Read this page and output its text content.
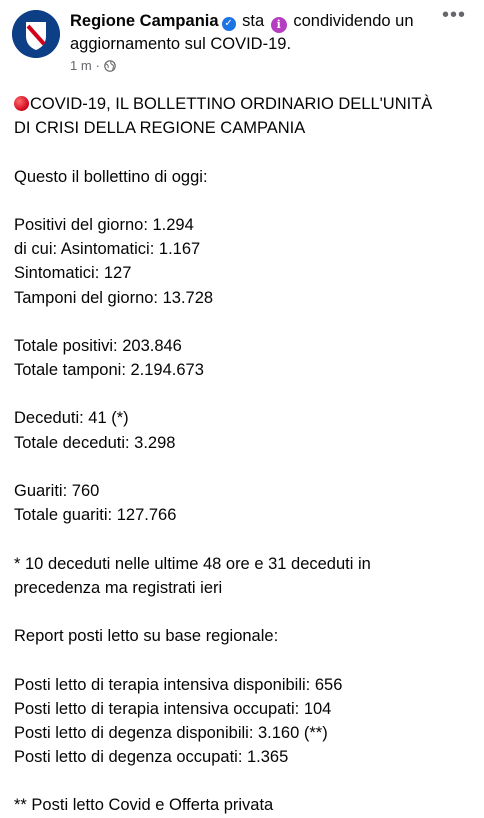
Regione Campania ✓ sta i condividendo un aggiornamento sul COVID-19.
1 m ·
•••
COVID-19, IL BOLLETTINO ORDINARIO DELL'UNITÀ
DI CRISI DELLA REGIONE CAMPANIA
Questo il bollettino di oggi:
Positivi del giorno: 1.294
di cui: Asintomatici: 1.167
Sintomatici: 127
Tamponi del giorno: 13.728
Totale positivi: 203.846
Totale tamponi: 2.194.673
Deceduti: 41 (*)
Totale deceduti: 3.298
Guariti: 760
Totale guariti: 127.766
* 10 deceduti nelle ultime 48 ore e 31 deceduti in
precedenza ma registrati ieri
Report posti letto su base regionale:
Posti letto di terapia intensiva disponibili: 656
Posti letto di terapia intensiva occupati: 104
Posti letto di degenza disponibili: 3.160 (**)
Posti letto di degenza occupati: 1.365
** Posti letto Covid e Offerta privata
